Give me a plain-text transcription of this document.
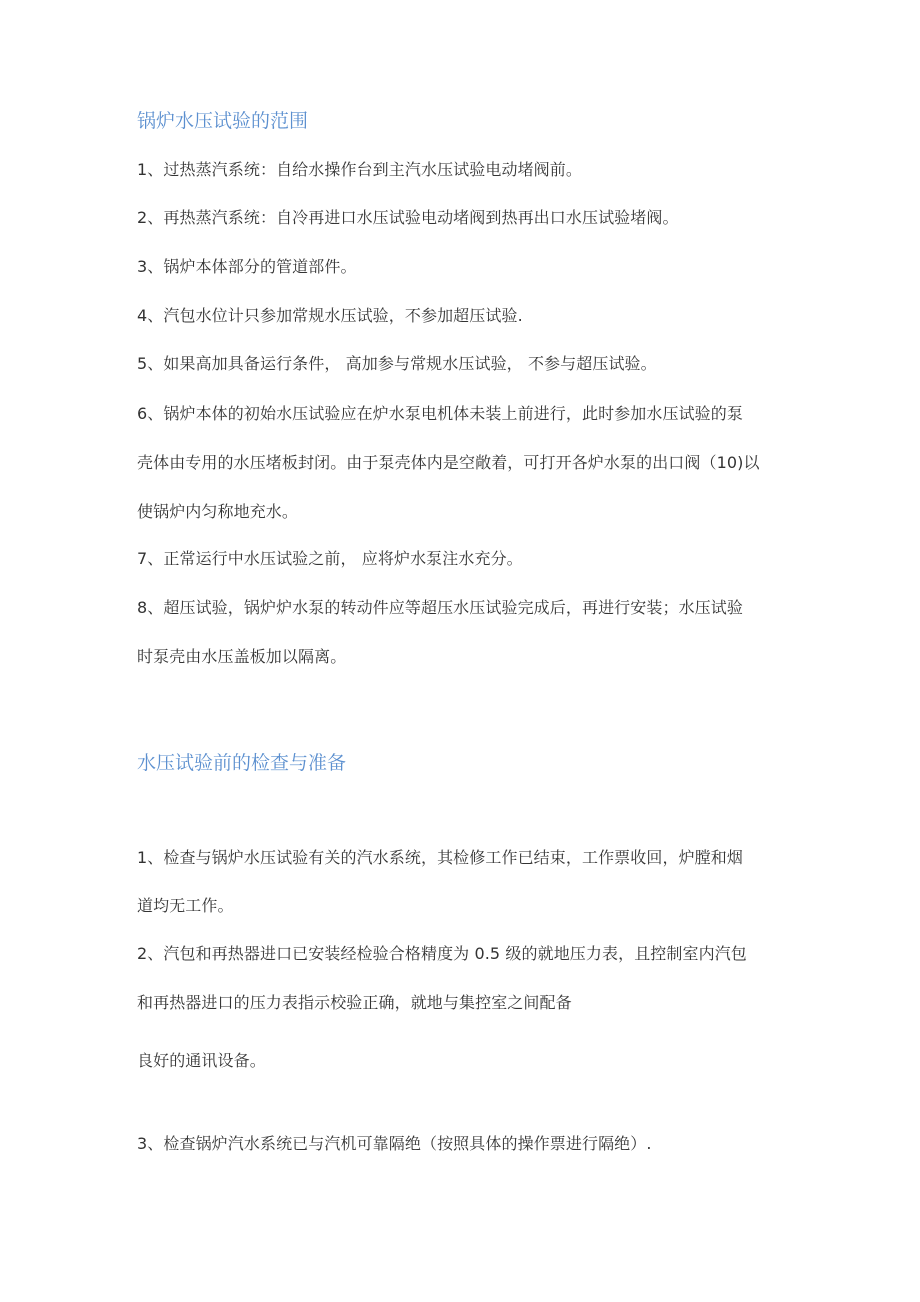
锅炉水压试验的范围
1、过热蒸汽系统：自给水操作台到主汽水压试验电动堵阀前。
2、再热蒸汽系统：自冷再进口水压试验电动堵阀到热再出口水压试验堵阀。
3、锅炉本体部分的管道部件。
4、汽包水位计只参加常规水压试验，不参加超压试验.
5、如果高加具备运行条件， 高加参与常规水压试验， 不参与超压试验。
6、锅炉本体的初始水压试验应在炉水泵电机体未装上前进行，此时参加水压试验的泵
壳体由专用的水压堵板封闭。由于泵壳体内是空敞着，可打开各炉水泵的出口阀（10)以
使锅炉内匀称地充水。
7、正常运行中水压试验之前， 应将炉水泵注水充分。
8、超压试验，锅炉炉水泵的转动件应等超压水压试验完成后，再进行安装；水压试验
时泵壳由水压盖板加以隔离。
水压试验前的检查与准备
1、检查与锅炉水压试验有关的汽水系统，其检修工作已结束，工作票收回，炉膛和烟
道均无工作。
2、汽包和再热器进口已安装经检验合格精度为 0.5 级的就地压力表，且控制室内汽包
和再热器进口的压力表指示校验正确，就地与集控室之间配备
良好的通讯设备。
3、检查锅炉汽水系统已与汽机可靠隔绝（按照具体的操作票进行隔绝）.
